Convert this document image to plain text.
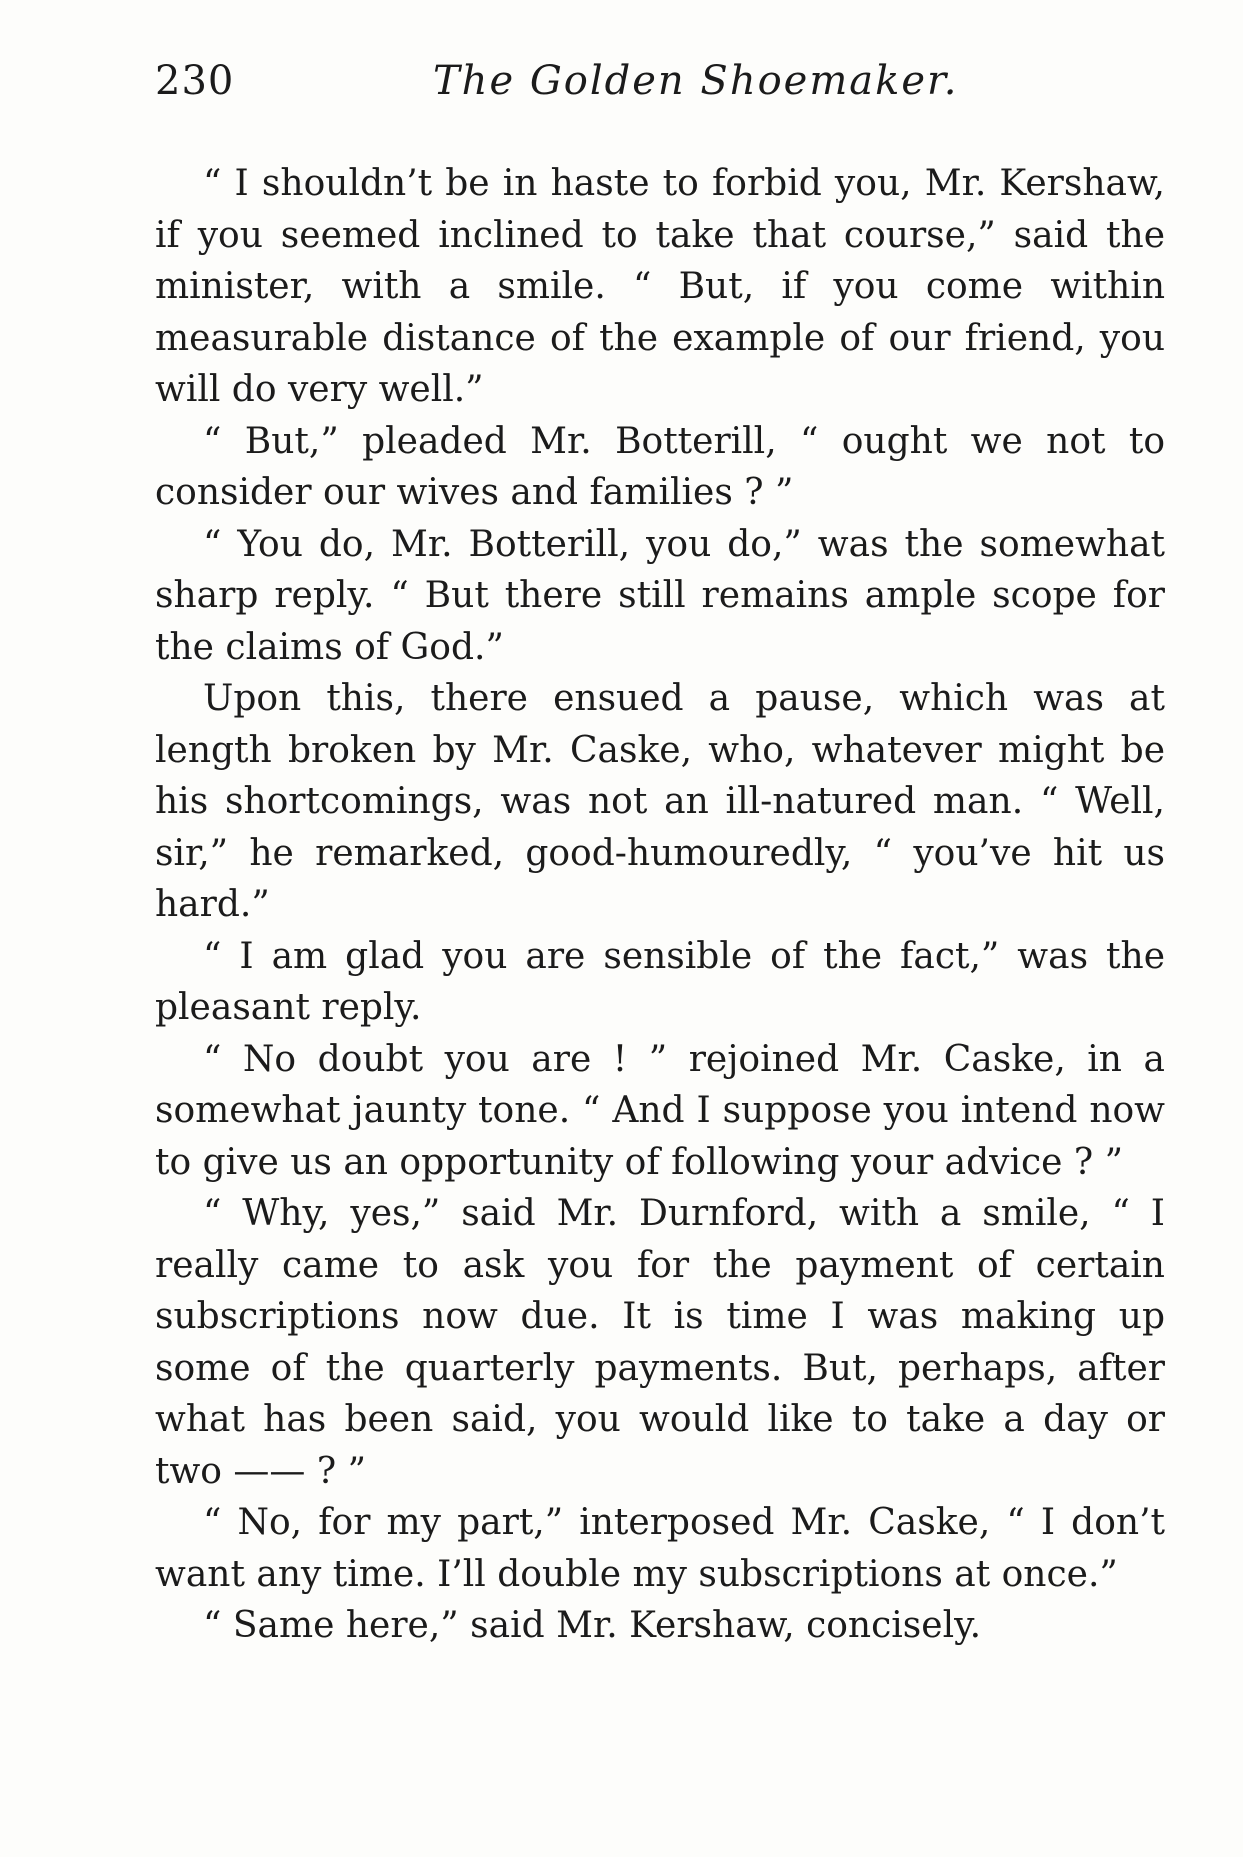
230	The Golden Shoemaker.

“ I shouldn’t be in haste to forbid you, Mr. Kershaw, if you seemed inclined to take that course,” said the minister, with a smile. “ But, if you come within measurable distance of the example of our friend, you will do very well.”

“ But,” pleaded Mr. Botterill, “ ought we not to consider our wives and families ? ”

“ You do, Mr. Botterill, you do,” was the somewhat sharp reply. “ But there still remains ample scope for the claims of God.”

Upon this, there ensued a pause, which was at length broken by Mr. Caske, who, whatever might be his shortcomings, was not an ill-natured man. “ Well, sir,” he remarked, good-humouredly, “ you’ve hit us hard.”

“ I am glad you are sensible of the fact,” was the pleasant reply.

“ No doubt you are ! ” rejoined Mr. Caske, in a somewhat jaunty tone. “ And I suppose you intend now to give us an opportunity of following your advice ? ”

“ Why, yes,” said Mr. Durnford, with a smile, “ I really came to ask you for the payment of certain subscriptions now due. It is time I was making up some of the quarterly payments. But, perhaps, after what has been said, you would like to take a day or two —— ? ”

“ No, for my part,” interposed Mr. Caske, “ I don’t want any time. I’ll double my subscriptions at once.”

“ Same here,” said Mr. Kershaw, concisely.
